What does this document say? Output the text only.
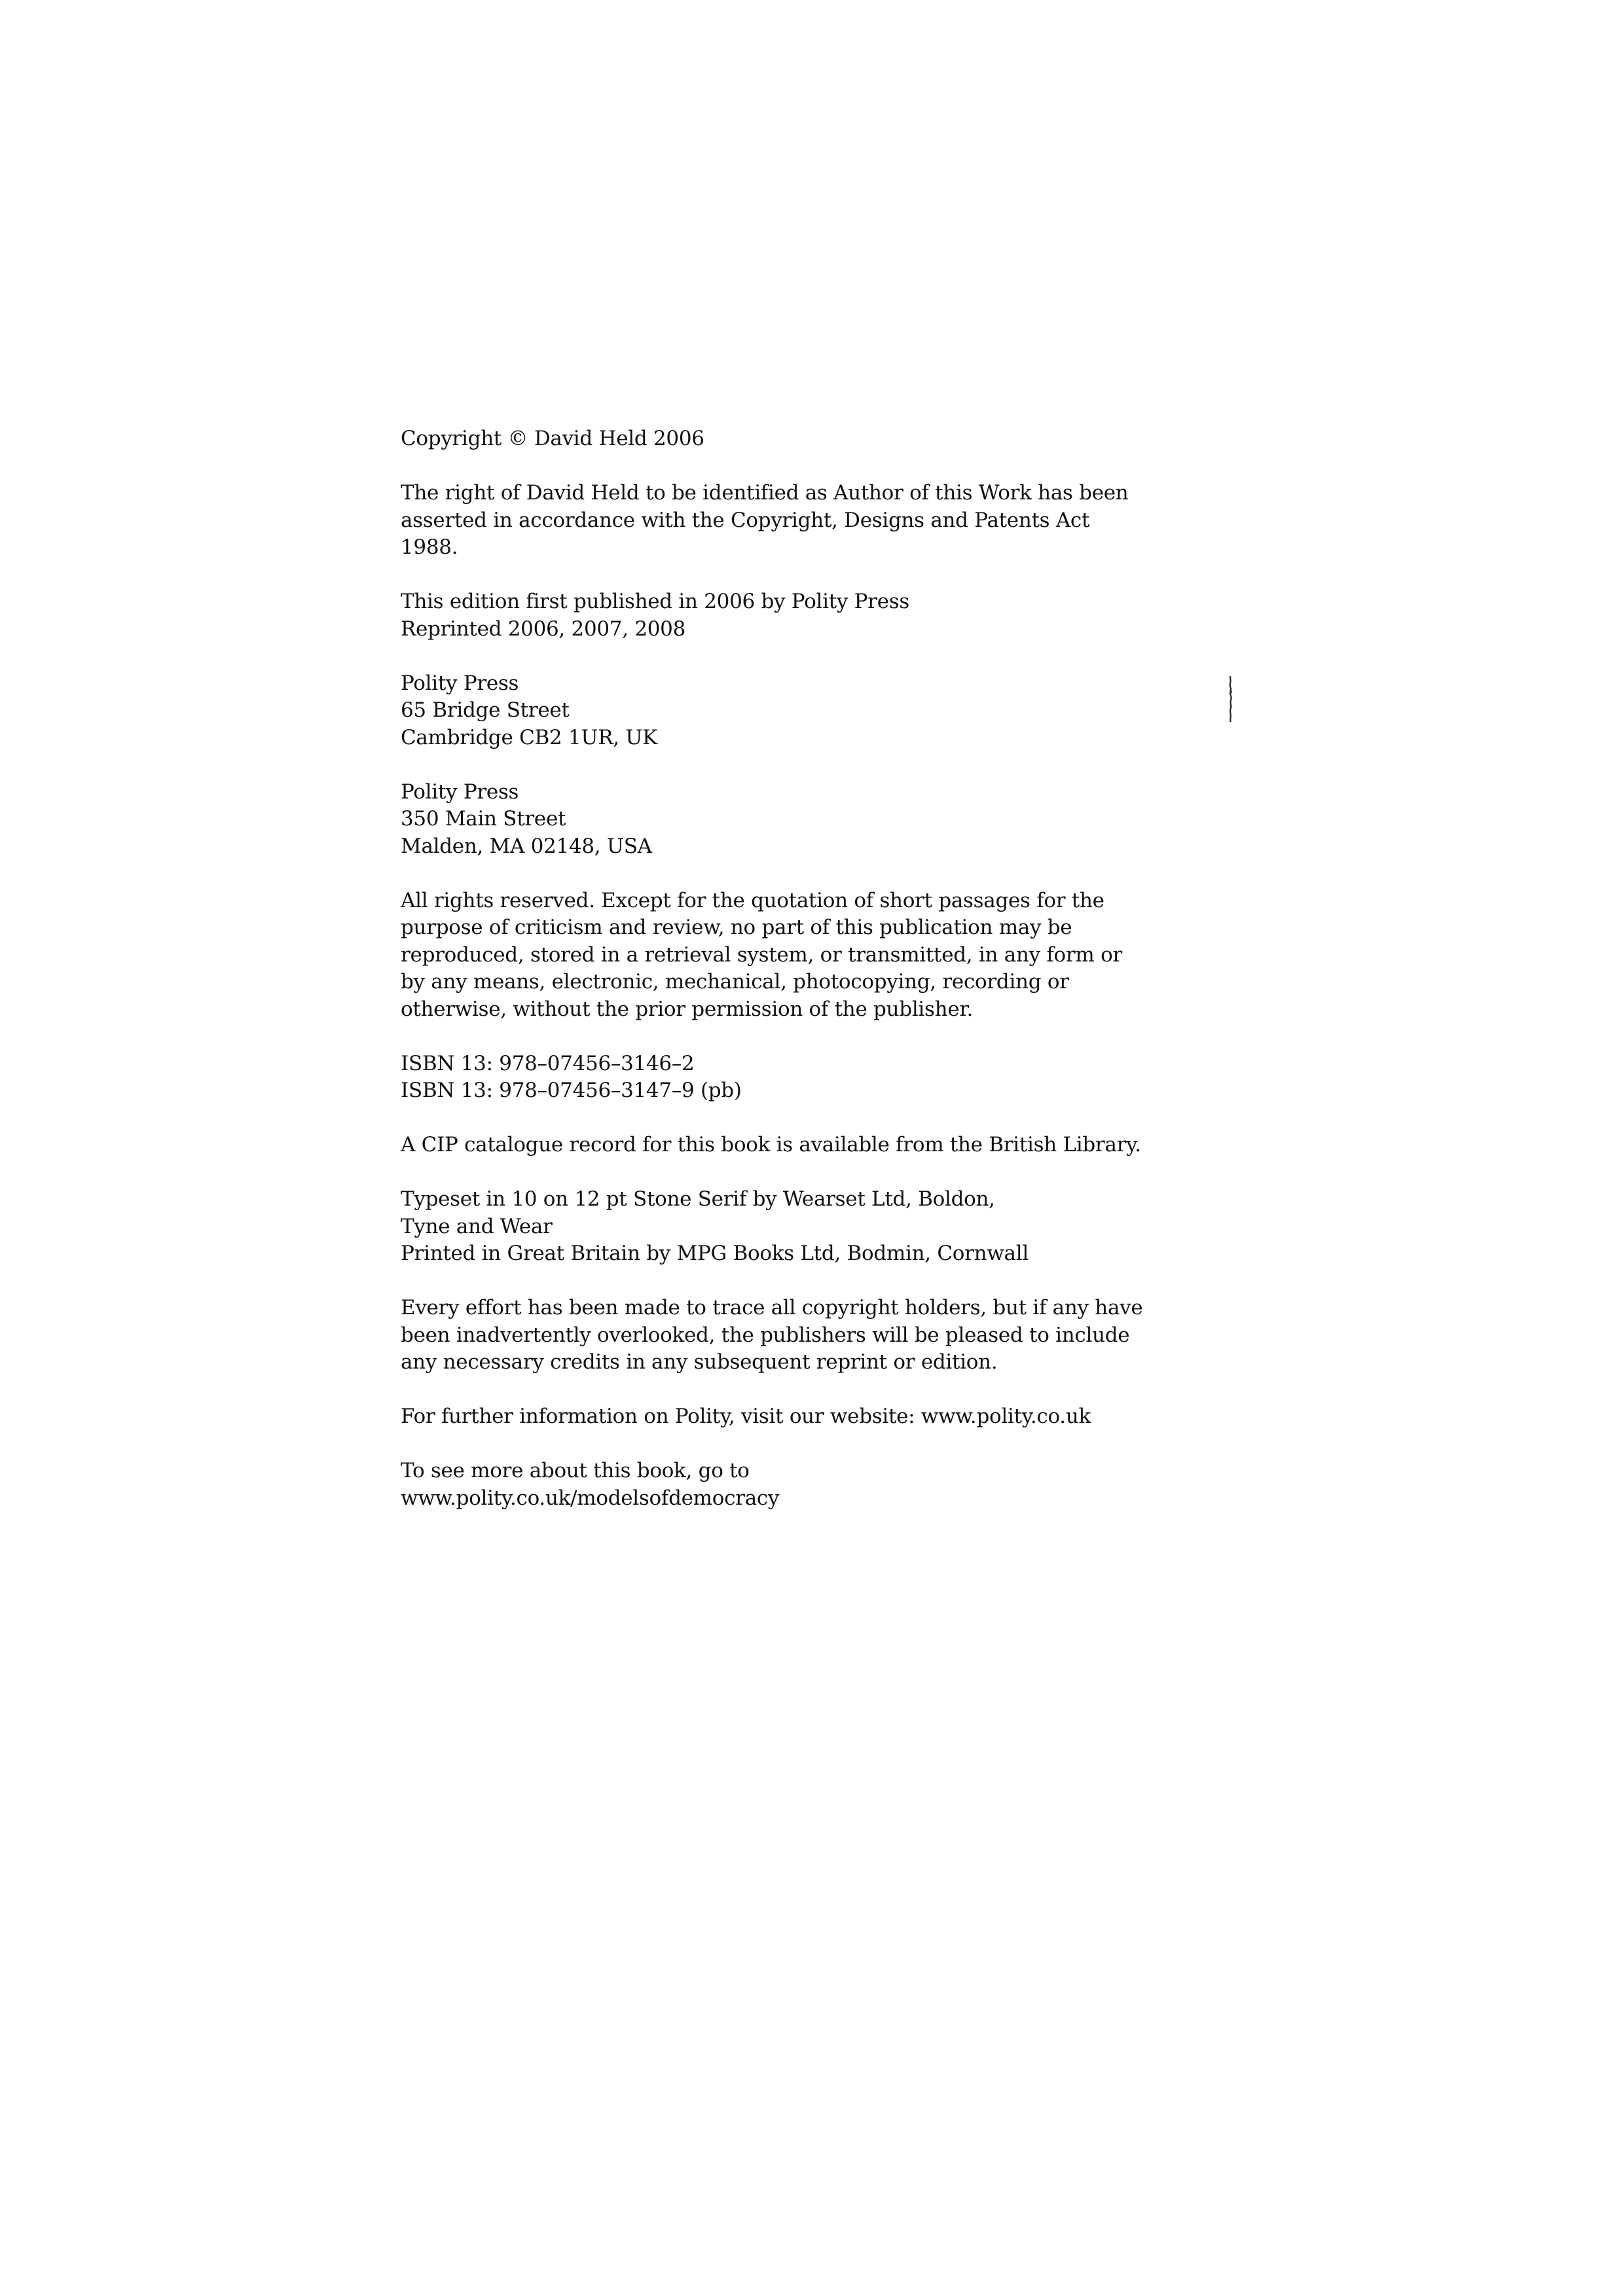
Copyright © David Held 2006

The right of David Held to be identified as Author of this Work has been
asserted in accordance with the Copyright, Designs and Patents Act
1988.

This edition first published in 2006 by Polity Press
Reprinted 2006, 2007, 2008

Polity Press
65 Bridge Street
Cambridge CB2 1UR, UK

Polity Press
350 Main Street
Malden, MA 02148, USA

All rights reserved. Except for the quotation of short passages for the
purpose of criticism and review, no part of this publication may be
reproduced, stored in a retrieval system, or transmitted, in any form or
by any means, electronic, mechanical, photocopying, recording or
otherwise, without the prior permission of the publisher.

ISBN 13: 978–07456–3146–2
ISBN 13: 978–07456–3147–9 (pb)

A CIP catalogue record for this book is available from the British Library.

Typeset in 10 on 12 pt Stone Serif by Wearset Ltd, Boldon,
Tyne and Wear
Printed in Great Britain by MPG Books Ltd, Bodmin, Cornwall

Every effort has been made to trace all copyright holders, but if any have
been inadvertently overlooked, the publishers will be pleased to include
any necessary credits in any subsequent reprint or edition.

For further information on Polity, visit our website: www.polity.co.uk

To see more about this book, go to
www.polity.co.uk/modelsofdemocracy
